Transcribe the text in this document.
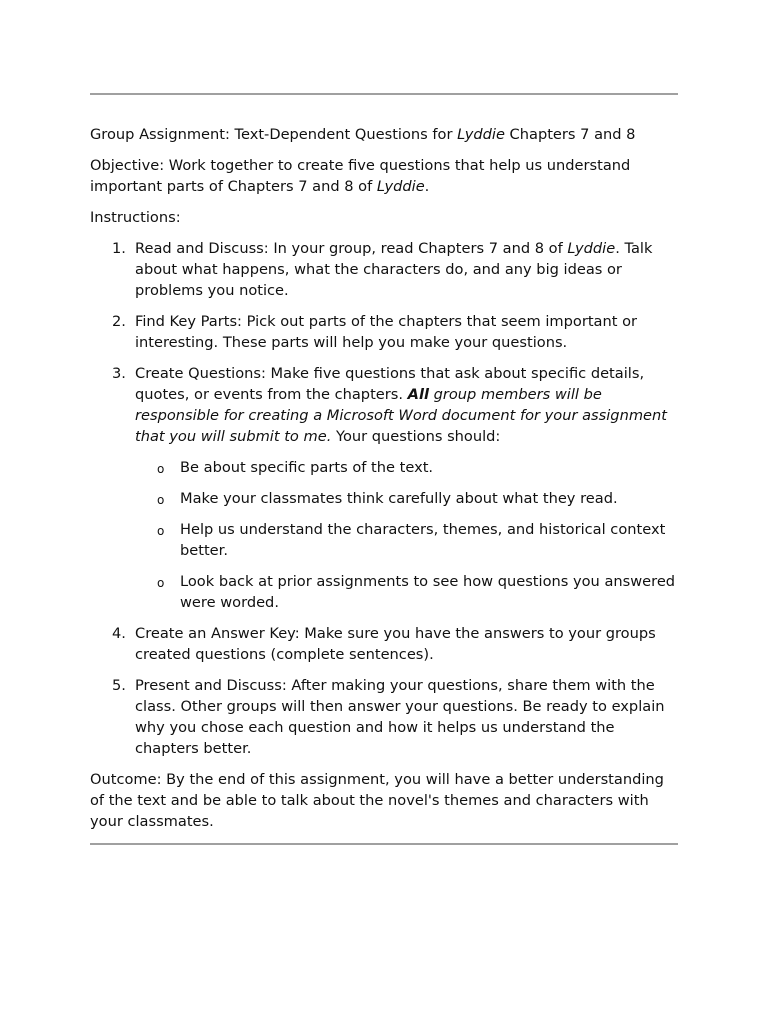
Group Assignment: Text-Dependent Questions for Lyddie Chapters 7 and 8

Objective: Work together to create five questions that help us understand important parts of Chapters 7 and 8 of Lyddie.

Instructions:

1. Read and Discuss: In your group, read Chapters 7 and 8 of Lyddie. Talk about what happens, what the characters do, and any big ideas or problems you notice.
2. Find Key Parts: Pick out parts of the chapters that seem important or interesting. These parts will help you make your questions.
3. Create Questions: Make five questions that ask about specific details, quotes, or events from the chapters. All group members will be responsible for creating a Microsoft Word document for your assignment that you will submit to me. Your questions should:
o Be about specific parts of the text.
o Make your classmates think carefully about what they read.
o Help us understand the characters, themes, and historical context better.
o Look back at prior assignments to see how questions you answered were worded.
4. Create an Answer Key: Make sure you have the answers to your groups created questions (complete sentences).
5. Present and Discuss: After making your questions, share them with the class. Other groups will then answer your questions. Be ready to explain why you chose each question and how it helps us understand the chapters better.

Outcome: By the end of this assignment, you will have a better understanding of the text and be able to talk about the novel's themes and characters with your classmates.
